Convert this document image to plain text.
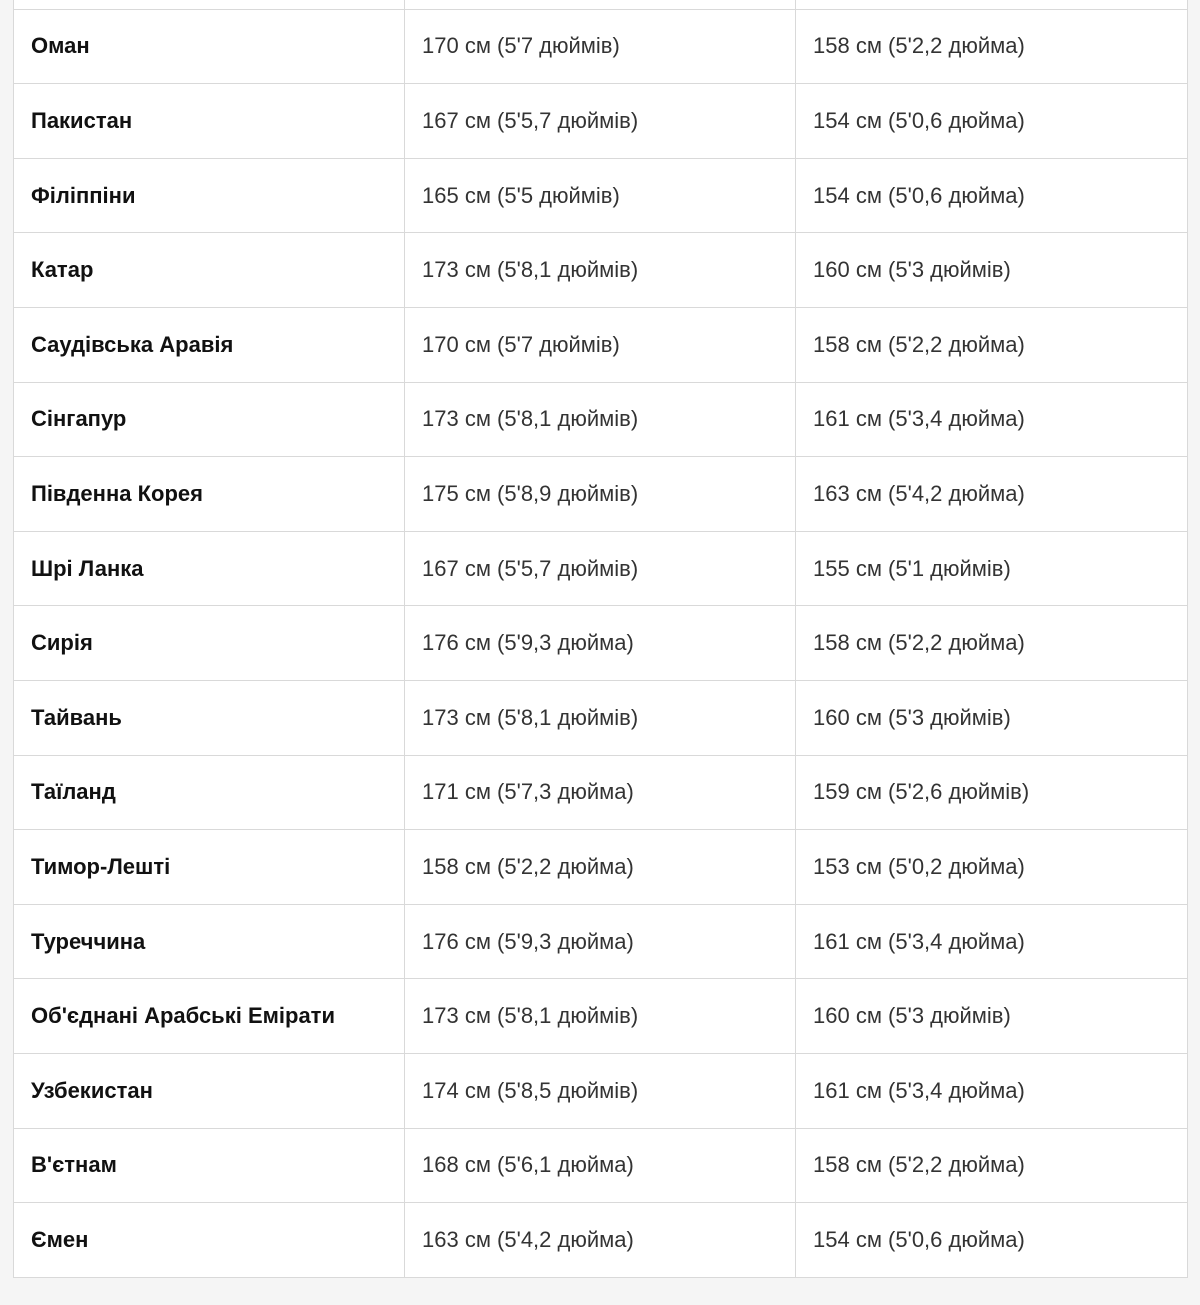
Оман	170 см (5'7 дюймів)	158 см (5'2,2 дюйма)
Пакистан	167 см (5'5,7 дюймів)	154 см (5'0,6 дюйма)
Філіппіни	165 см (5'5 дюймів)	154 см (5'0,6 дюйма)
Катар	173 см (5'8,1 дюймів)	160 см (5'3 дюймів)
Саудівська Аравія	170 см (5'7 дюймів)	158 см (5'2,2 дюйма)
Сінгапур	173 см (5'8,1 дюймів)	161 см (5'3,4 дюйма)
Південна Корея	175 см (5'8,9 дюймів)	163 см (5'4,2 дюйма)
Шрі Ланка	167 см (5'5,7 дюймів)	155 см (5'1 дюймів)
Сирія	176 см (5'9,3 дюйма)	158 см (5'2,2 дюйма)
Тайвань	173 см (5'8,1 дюймів)	160 см (5'3 дюймів)
Таїланд	171 см (5'7,3 дюйма)	159 см (5'2,6 дюймів)
Тимор-Лешті	158 см (5'2,2 дюйма)	153 см (5'0,2 дюйма)
Туреччина	176 см (5'9,3 дюйма)	161 см (5'3,4 дюйма)
Об'єднані Арабські Емірати	173 см (5'8,1 дюймів)	160 см (5'3 дюймів)
Узбекистан	174 см (5'8,5 дюймів)	161 см (5'3,4 дюйма)
В'єтнам	168 см (5'6,1 дюйма)	158 см (5'2,2 дюйма)
Ємен	163 см (5'4,2 дюйма)	154 см (5'0,6 дюйма)
